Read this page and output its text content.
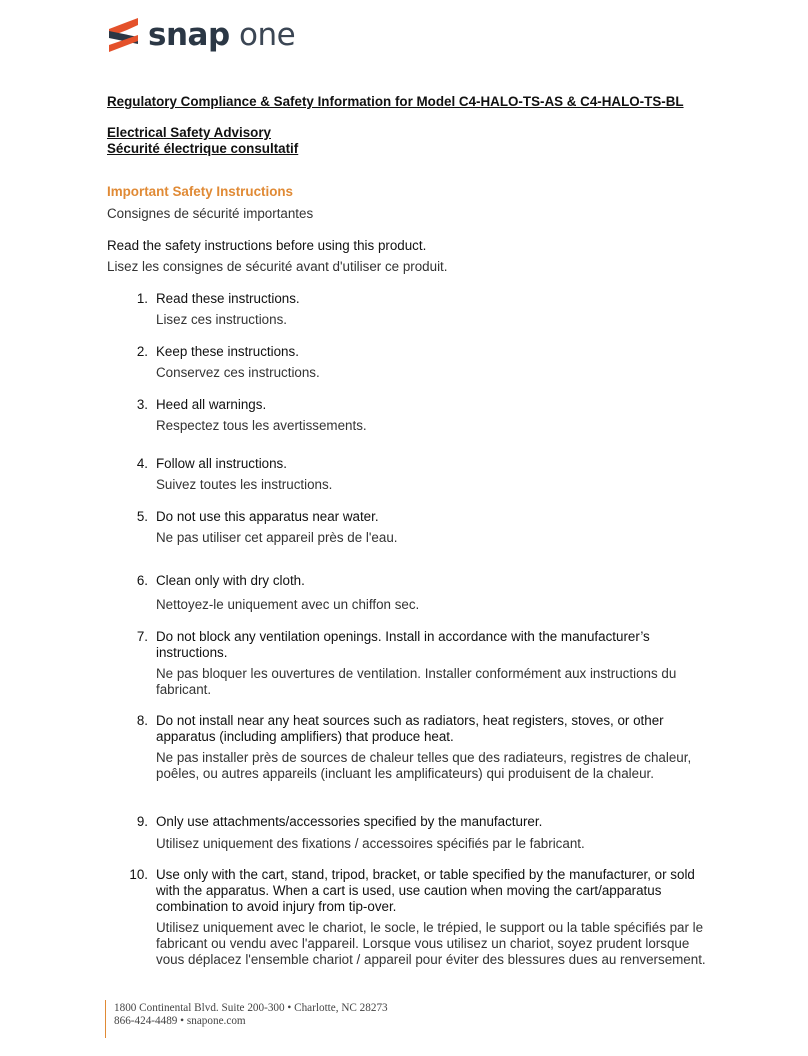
snap one
Regulatory Compliance & Safety Information for Model C4-HALO-TS-AS & C4-HALO-TS-BL
Electrical Safety Advisory
Sécurité électrique consultatif
Important Safety Instructions
Consignes de sécurité importantes
Read the safety instructions before using this product.
Lisez les consignes de sécurité avant d'utiliser ce produit.
1. Read these instructions.
Lisez ces instructions.
2. Keep these instructions.
Conservez ces instructions.
3. Heed all warnings.
Respectez tous les avertissements.
4. Follow all instructions.
Suivez toutes les instructions.
5. Do not use this apparatus near water.
Ne pas utiliser cet appareil près de l'eau.
6. Clean only with dry cloth.
Nettoyez-le uniquement avec un chiffon sec.
7. Do not block any ventilation openings. Install in accordance with the manufacturer’s instructions.
Ne pas bloquer les ouvertures de ventilation. Installer conformément aux instructions du fabricant.
8. Do not install near any heat sources such as radiators, heat registers, stoves, or other apparatus (including amplifiers) that produce heat.
Ne pas installer près de sources de chaleur telles que des radiateurs, registres de chaleur, poêles, ou autres appareils (incluant les amplificateurs) qui produisent de la chaleur.
9. Only use attachments/accessories specified by the manufacturer.
Utilisez uniquement des fixations / accessoires spécifiés par le fabricant.
10. Use only with the cart, stand, tripod, bracket, or table specified by the manufacturer, or sold with the apparatus. When a cart is used, use caution when moving the cart/apparatus combination to avoid injury from tip-over.
Utilisez uniquement avec le chariot, le socle, le trépied, le support ou la table spécifiés par le fabricant ou vendu avec l'appareil. Lorsque vous utilisez un chariot, soyez prudent lorsque vous déplacez l'ensemble chariot / appareil pour éviter des blessures dues au renversement.
1800 Continental Blvd. Suite 200-300 • Charlotte, NC 28273
866-424-4489 • snapone.com
